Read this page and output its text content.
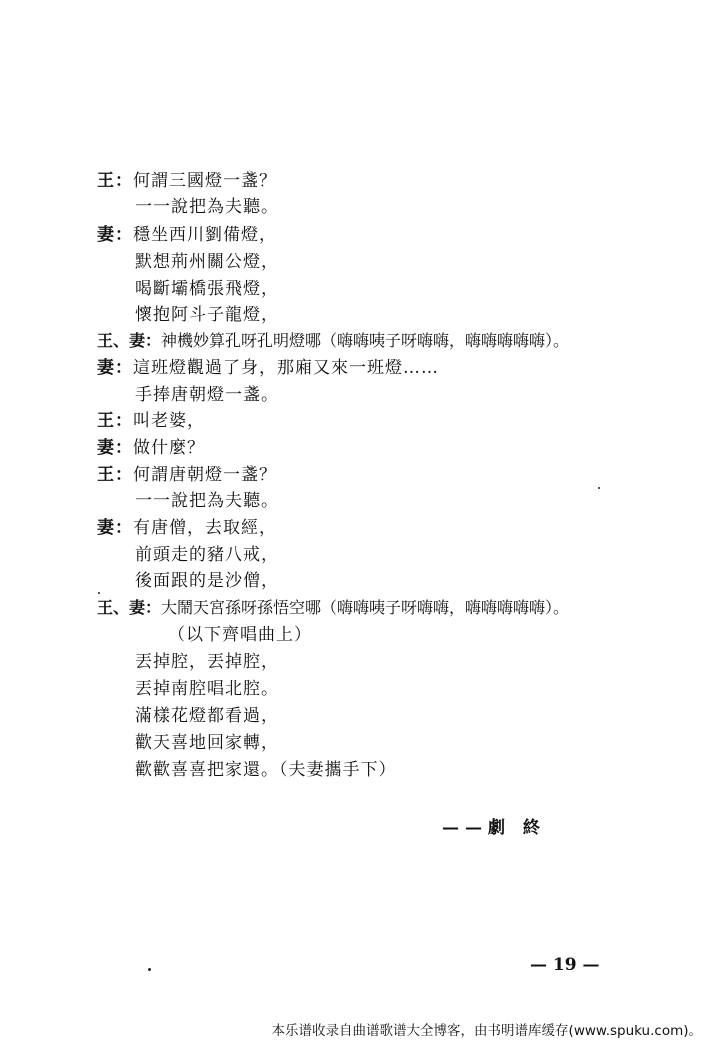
王：何謂三國燈一盞？
一一說把為夫聽。
妻：穩坐西川劉備燈，
默想荊州關公燈，
喝斷壩橋張飛燈，
懷抱阿斗子龍燈，
王、妻：神機妙算孔呀孔明燈哪（嗨嗨咦子呀嗨嗨，嗨嗨嗨嗨嗨）。
妻：這班燈觀過了身，那廂又來一班燈……
手捧唐朝燈一盞。
王：叫老婆，
妻：做什麼？
王：何謂唐朝燈一盞？
一一說把為夫聽。
妻：有唐僧，去取經，
前頭走的豬八戒，
後面跟的是沙僧，
王、妻：大鬧天宮孫呀孫悟空哪（嗨嗨咦子呀嗨嗨，嗨嗨嗨嗨嗨）。
（以下齊唱曲上）
丟掉腔，丟掉腔，
丟掉南腔唱北腔。
滿樣花燈都看過，
歡天喜地回家轉，
歡歡喜喜把家還。（夫妻攜手下）
——劇 終
— 19 —
本乐谱收录自曲谱歌谱大全博客，由书明谱库缓存(www.spuku.com)。
